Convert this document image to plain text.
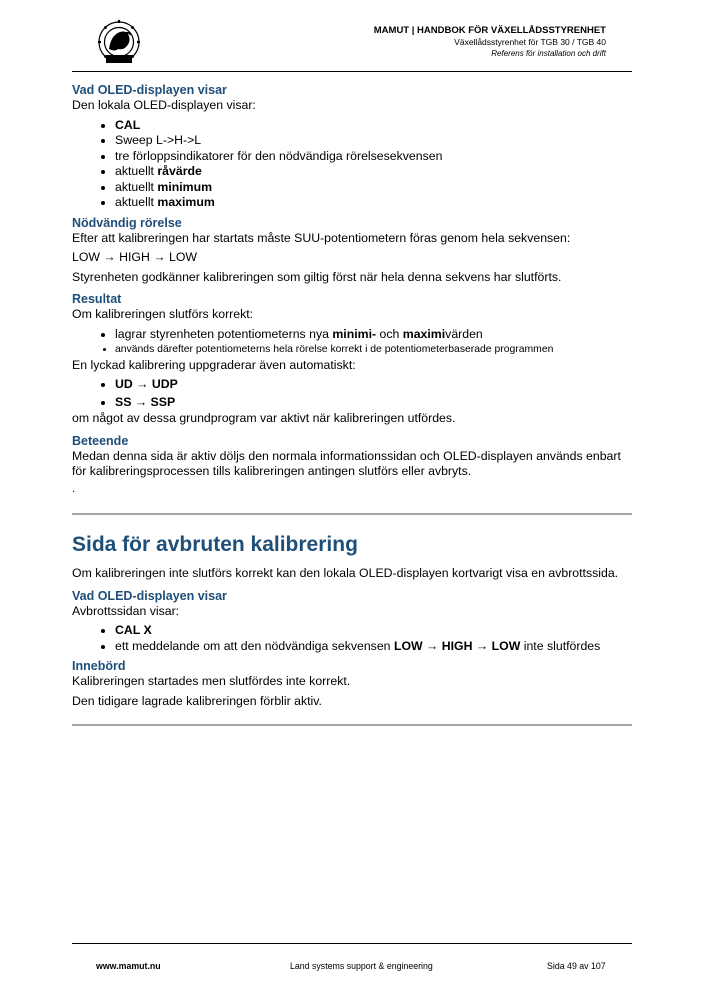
MAMUT | HANDBOK FÖR VÄXELLÅDSSTYRENHET
Växellådsstyrenhet för TGB 30 / TGB 40
Referens för installation och drift
Vad OLED-displayen visar

Den lokala OLED-displayen visar:

• CAL
• Sweep L->H->L
• tre förloppsindikatorer för den nödvändiga rörelsesekvensen
• aktuellt råvärde
• aktuellt minimum
• aktuellt maximum
Nödvändig rörelse

Efter att kalibreringen har startats måste SUU-potentiometern föras genom hela sekvensen:

LOW → HIGH → LOW

Styrenheten godkänner kalibreringen som giltig först när hela denna sekvens har slutförts.

Resultat

Om kalibreringen slutförs korrekt:

• lagrar styrenheten potentiometerns nya minimi- och maximivärden
• används därefter potentiometerns hela rörelse korrekt i de potentiometerbaserade programmen

En lyckad kalibrering uppgraderar även automatiskt:

• UD → UDP
• SS → SSP

om något av dessa grundprogram var aktivt när kalibreringen utfördes.

Beteende

Medan denna sida är aktiv döljs den normala informationssidan och OLED-displayen används enbart för kalibreringsprocessen tills kalibreringen antingen slutförs eller avbryts.

.

Sida för avbruten kalibrering

Om kalibreringen inte slutförs korrekt kan den lokala OLED-displayen kortvarigt visa en avbrottssida.

Vad OLED-displayen visar

Avbrottssidan visar:

• CAL X
• ett meddelande om att den nödvändiga sekvensen LOW → HIGH → LOW inte slutfördes
Innebörd

Kalibreringen startades men slutfördes inte korrekt.

Den tidigare lagrade kalibreringen förblir aktiv.

www.mamut.nu	Land systems support & engineering	Sida 49 av 107
